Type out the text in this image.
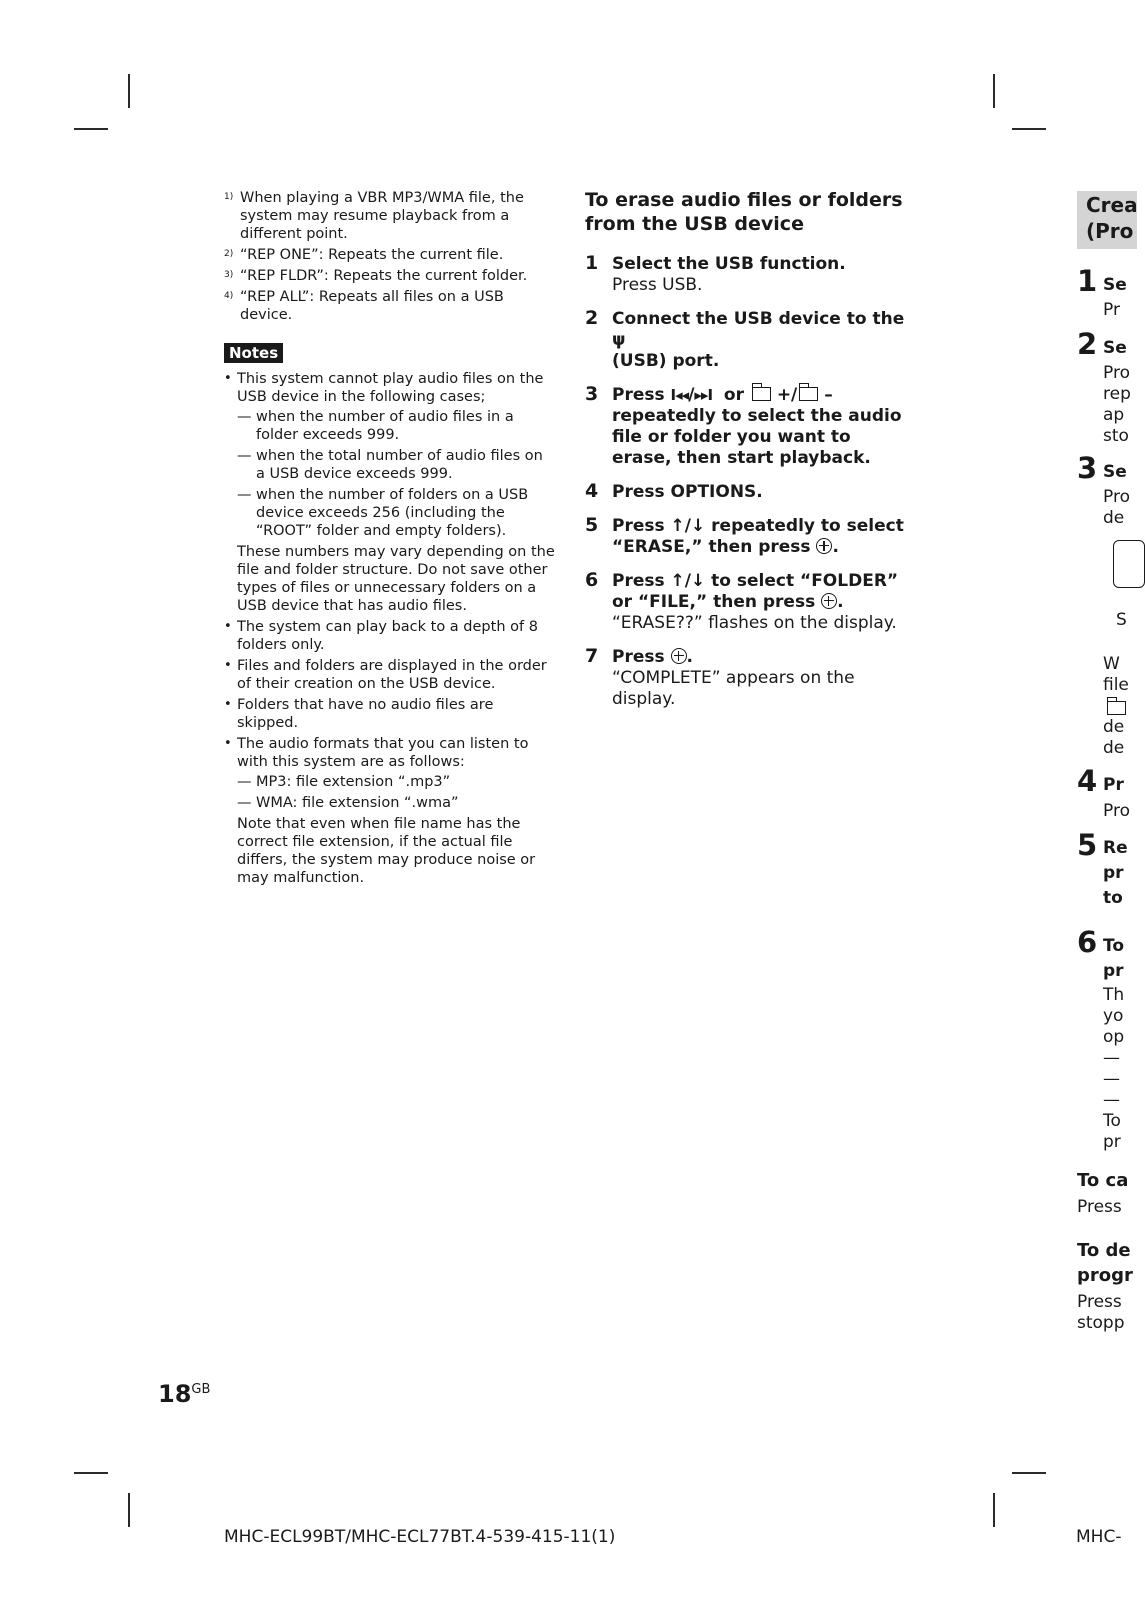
1) When playing a VBR MP3/WMA file, the system may resume playback from a different point.
2) “REP ONE”: Repeats the current file.
3) “REP FLDR”: Repeats the current folder.
4) “REP ALL”: Repeats all files on a USB device.
Notes
• This system cannot play audio files on the USB device in the following cases;
— when the number of audio files in a folder exceeds 999.
— when the total number of audio files on a USB device exceeds 999.
— when the number of folders on a USB device exceeds 256 (including the “ROOT” folder and empty folders).
These numbers may vary depending on the file and folder structure. Do not save other types of files or unnecessary folders on a USB device that has audio files.
• The system can play back to a depth of 8 folders only.
• Files and folders are displayed in the order of their creation on the USB device.
• Folders that have no audio files are skipped.
• The audio formats that you can listen to with this system are as follows:
— MP3: file extension “.mp3”
— WMA: file extension “.wma”
Note that even when file name has the correct file extension, if the actual file differs, the system may produce noise or may malfunction.
To erase audio files or folders from the USB device
1 Select the USB function.
Press USB.
2 Connect the USB device to the ψ
(USB) port.
3 Press I◂◂/▸▸I or +/ – repeatedly to select the audio file or folder you want to erase, then start playback.
4 Press OPTIONS.
5 Press ↑/↓ repeatedly to select “ERASE,” then press .
6 Press ↑/↓ to select “FOLDER” or “FILE,” then press .
“ERASE??” flashes on the display.
7 Press .
“COMPLETE” appears on the display.
Crea
(Pro
1 Se
Pr
2 Se
Pro
rep
ap
sto
3 Se
Pro
de
S
W
file
de
de
4 Pr
Pro
5 Re
pr
to
6 To
pr
Th
yo
op
—
—
—
To
pr
To ca
Press
To de
progr
Press
stopp
$18^{GB}$
MHC-ECL99BT/MHC-ECL77BT.4-539-415-11(1)	MHC-
